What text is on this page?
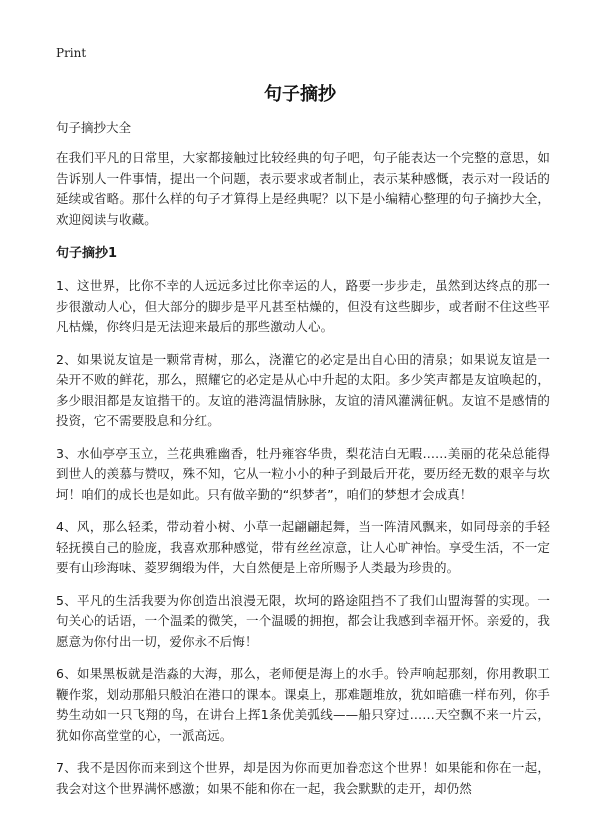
Print
句子摘抄

句子摘抄大全

在我们平凡的日常里，大家都接触过比较经典的句子吧，句子能表达一个完整的意思，如告诉别人一件事情，提出一个问题，表示要求或者制止，表示某种感慨，表示对一段话的延续或省略。那什么样的句子才算得上是经典呢？以下是小编精心整理的句子摘抄大全，欢迎阅读与收藏。

句子摘抄1

1、这世界，比你不幸的人远远多过比你幸运的人，路要一步步走，虽然到达终点的那一步很激动人心，但大部分的脚步是平凡甚至枯燥的，但没有这些脚步，或者耐不住这些平凡枯燥，你终归是无法迎来最后的那些激动人心。

2、如果说友谊是一颗常青树，那么，浇灌它的必定是出自心田的清泉；如果说友谊是一朵开不败的鲜花，那么，照耀它的必定是从心中升起的太阳。多少笑声都是友谊唤起的，多少眼泪都是友谊揩干的。友谊的港湾温情脉脉，友谊的清风灌满征帆。友谊不是感情的投资，它不需要股息和分红。

3、水仙亭亭玉立，兰花典雅幽香，牡丹雍容华贵，梨花洁白无暇……美丽的花朵总能得到世人的羡慕与赞叹，殊不知，它从一粒小小的种子到最后开花，要历经无数的艰辛与坎坷！咱们的成长也是如此。只有做辛勤的“织梦者”，咱们的梦想才会成真！

4、风，那么轻柔，带动着小树、小草一起翩翩起舞，当一阵清风飘来，如同母亲的手轻轻抚摸自己的脸庞，我喜欢那种感觉，带有丝丝凉意，让人心旷神怡。享受生活，不一定要有山珍海味、菱罗绸缎为伴，大自然便是上帝所赐予人类最为珍贵的。

5、平凡的生活我要为你创造出浪漫无限，坎坷的路途阻挡不了我们山盟海誓的实现。一句关心的话语，一个温柔的微笑，一个温暖的拥抱，都会让我感到幸福开怀。亲爱的，我愿意为你付出一切，爱你永不后悔！

6、如果黑板就是浩淼的大海，那么，老师便是海上的水手。铃声响起那刻，你用教职工鞭作浆，划动那船只般泊在港口的课本。课桌上，那难题堆放，犹如暗礁一样布列，你手势生动如一只飞翔的鸟，在讲台上挥1条优美弧线——船只穿过……天空飘不来一片云，犹如你高堂堂的心，一派高远。

7、我不是因你而来到这个世界，却是因为你而更加眷恋这个世界！如果能和你在一起，我会对这个世界满怀感激；如果不能和你在一起，我会默默的走开，却仍然
